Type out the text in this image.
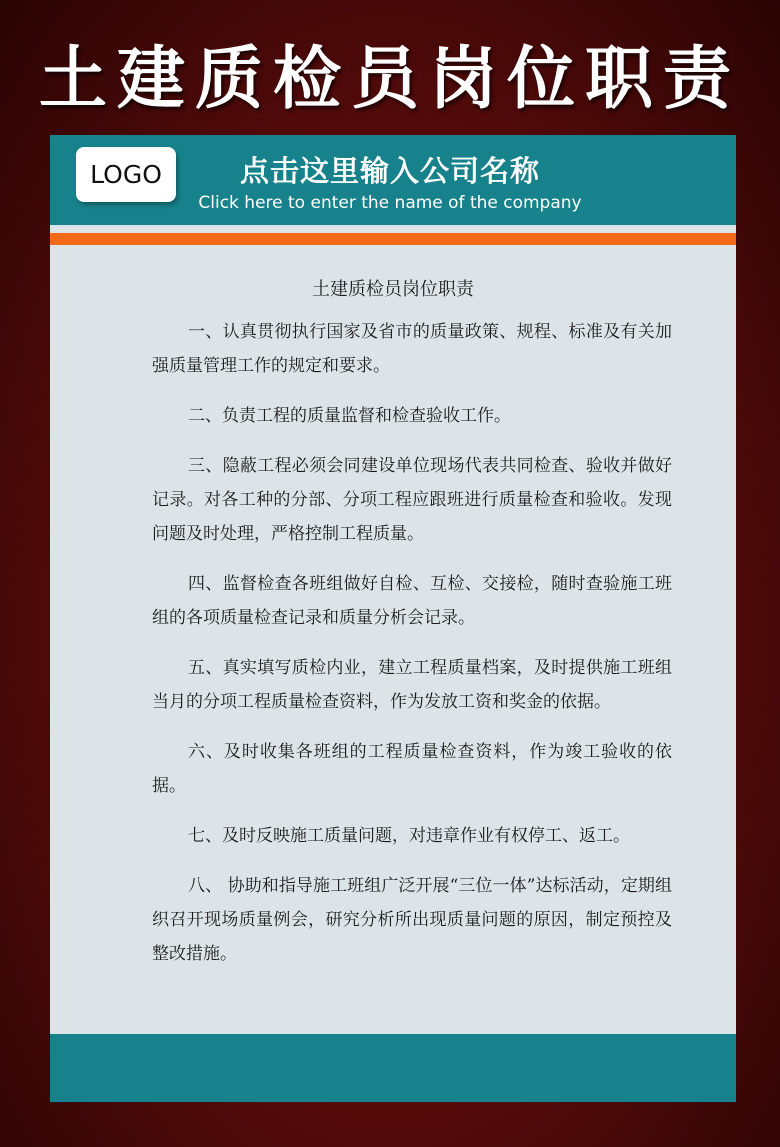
土建质检员岗位职责
LOGO	点击这里输入公司名称
Click here to enter the name of the company
土建质检员岗位职责

一、认真贯彻执行国家及省市的质量政策、规程、标准及有关加强质量管理工作的规定和要求。

二、负责工程的质量监督和检查验收工作。

三、隐蔽工程必须会同建设单位现场代表共同检查、验收并做好记录。对各工种的分部、分项工程应跟班进行质量检查和验收。发现问题及时处理，严格控制工程质量。

四、监督检查各班组做好自检、互检、交接检，随时查验施工班组的各项质量检查记录和质量分析会记录。

五、真实填写质检内业，建立工程质量档案，及时提供施工班组当月的分项工程质量检查资料，作为发放工资和奖金的依据。

六、及时收集各班组的工程质量检查资料，作为竣工验收的依据。

七、及时反映施工质量问题，对违章作业有权停工、返工。

八、 协助和指导施工班组广泛开展“三位一体”达标活动，定期组织召开现场质量例会，研究分析所出现质量问题的原因，制定预控及整改措施。
